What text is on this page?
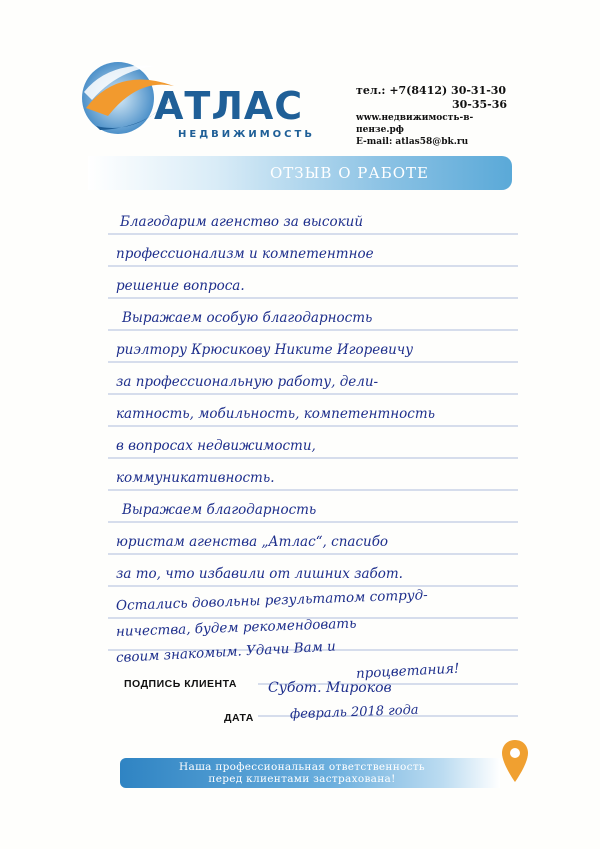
АТЛАС
НЕДВИЖИМОСТЬ
тел.: +7(8412) 30-31-30
30-35-36
www.недвижимость-в-пензе.рф
E-mail: atlas58@bk.ru
ОТЗЫВ О РАБОТЕ
Благодарим агенство за высокий
профессионализм и компетентное
решение вопроса.
Выражаем особую благодарность
риэлтору Крюсикову Никите Игоревичу
за профессиональную работу, дели-
катность, мобильность, компетентность
в вопросах недвижимости,
коммуникативность.
Выражаем благодарность
юристам агенства „Атлас“, спасибо
за то, что избавили от лишних забот.
Остались довольны результатом сотруд-
ничества, будем рекомендовать
своим знакомым. Удачи Вам и
процветания!
ПОДПИСЬ КЛИЕНТА Субот. Мироков
ДАТА	февраль 2018 года
Наша профессиональная ответственность
перед клиентами застрахована!
